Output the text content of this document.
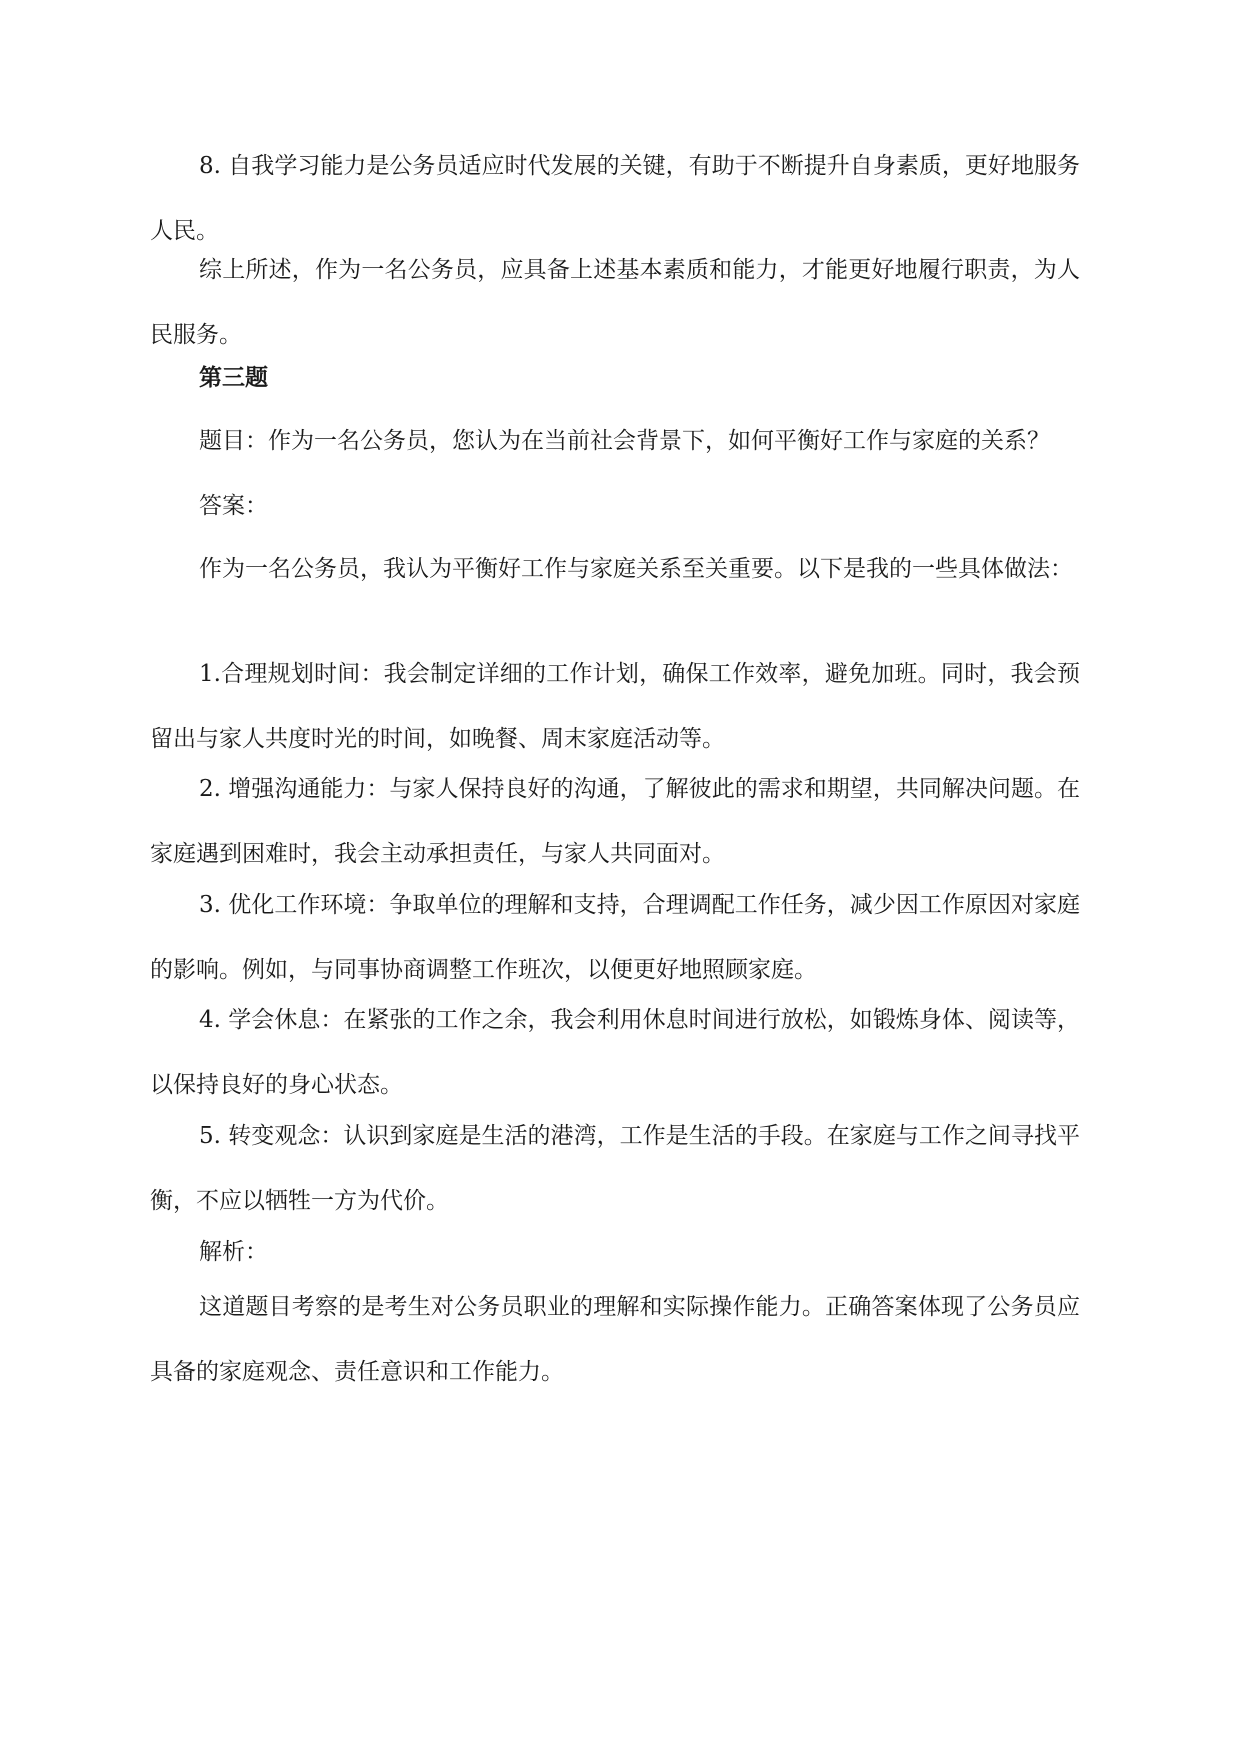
8. 自我学习能力是公务员适应时代发展的关键，有助于不断提升自身素质，更好地服务人民。

综上所述，作为一名公务员，应具备上述基本素质和能力，才能更好地履行职责，为人民服务。

第三题

题目：作为一名公务员，您认为在当前社会背景下，如何平衡好工作与家庭的关系？

答案：

作为一名公务员，我认为平衡好工作与家庭关系至关重要。以下是我的一些具体做法：

1.合理规划时间：我会制定详细的工作计划，确保工作效率，避免加班。同时，我会预留出与家人共度时光的时间，如晚餐、周末家庭活动等。

2. 增强沟通能力：与家人保持良好的沟通，了解彼此的需求和期望，共同解决问题。在家庭遇到困难时，我会主动承担责任，与家人共同面对。

3. 优化工作环境：争取单位的理解和支持，合理调配工作任务，减少因工作原因对家庭的影响。例如，与同事协商调整工作班次，以便更好地照顾家庭。

4. 学会休息：在紧张的工作之余，我会利用休息时间进行放松，如锻炼身体、阅读等，以保持良好的身心状态。

5. 转变观念：认识到家庭是生活的港湾，工作是生活的手段。在家庭与工作之间寻找平衡，不应以牺牲一方为代价。

解析：

这道题目考察的是考生对公务员职业的理解和实际操作能力。正确答案体现了公务员应具备的家庭观念、责任意识和工作能力。
